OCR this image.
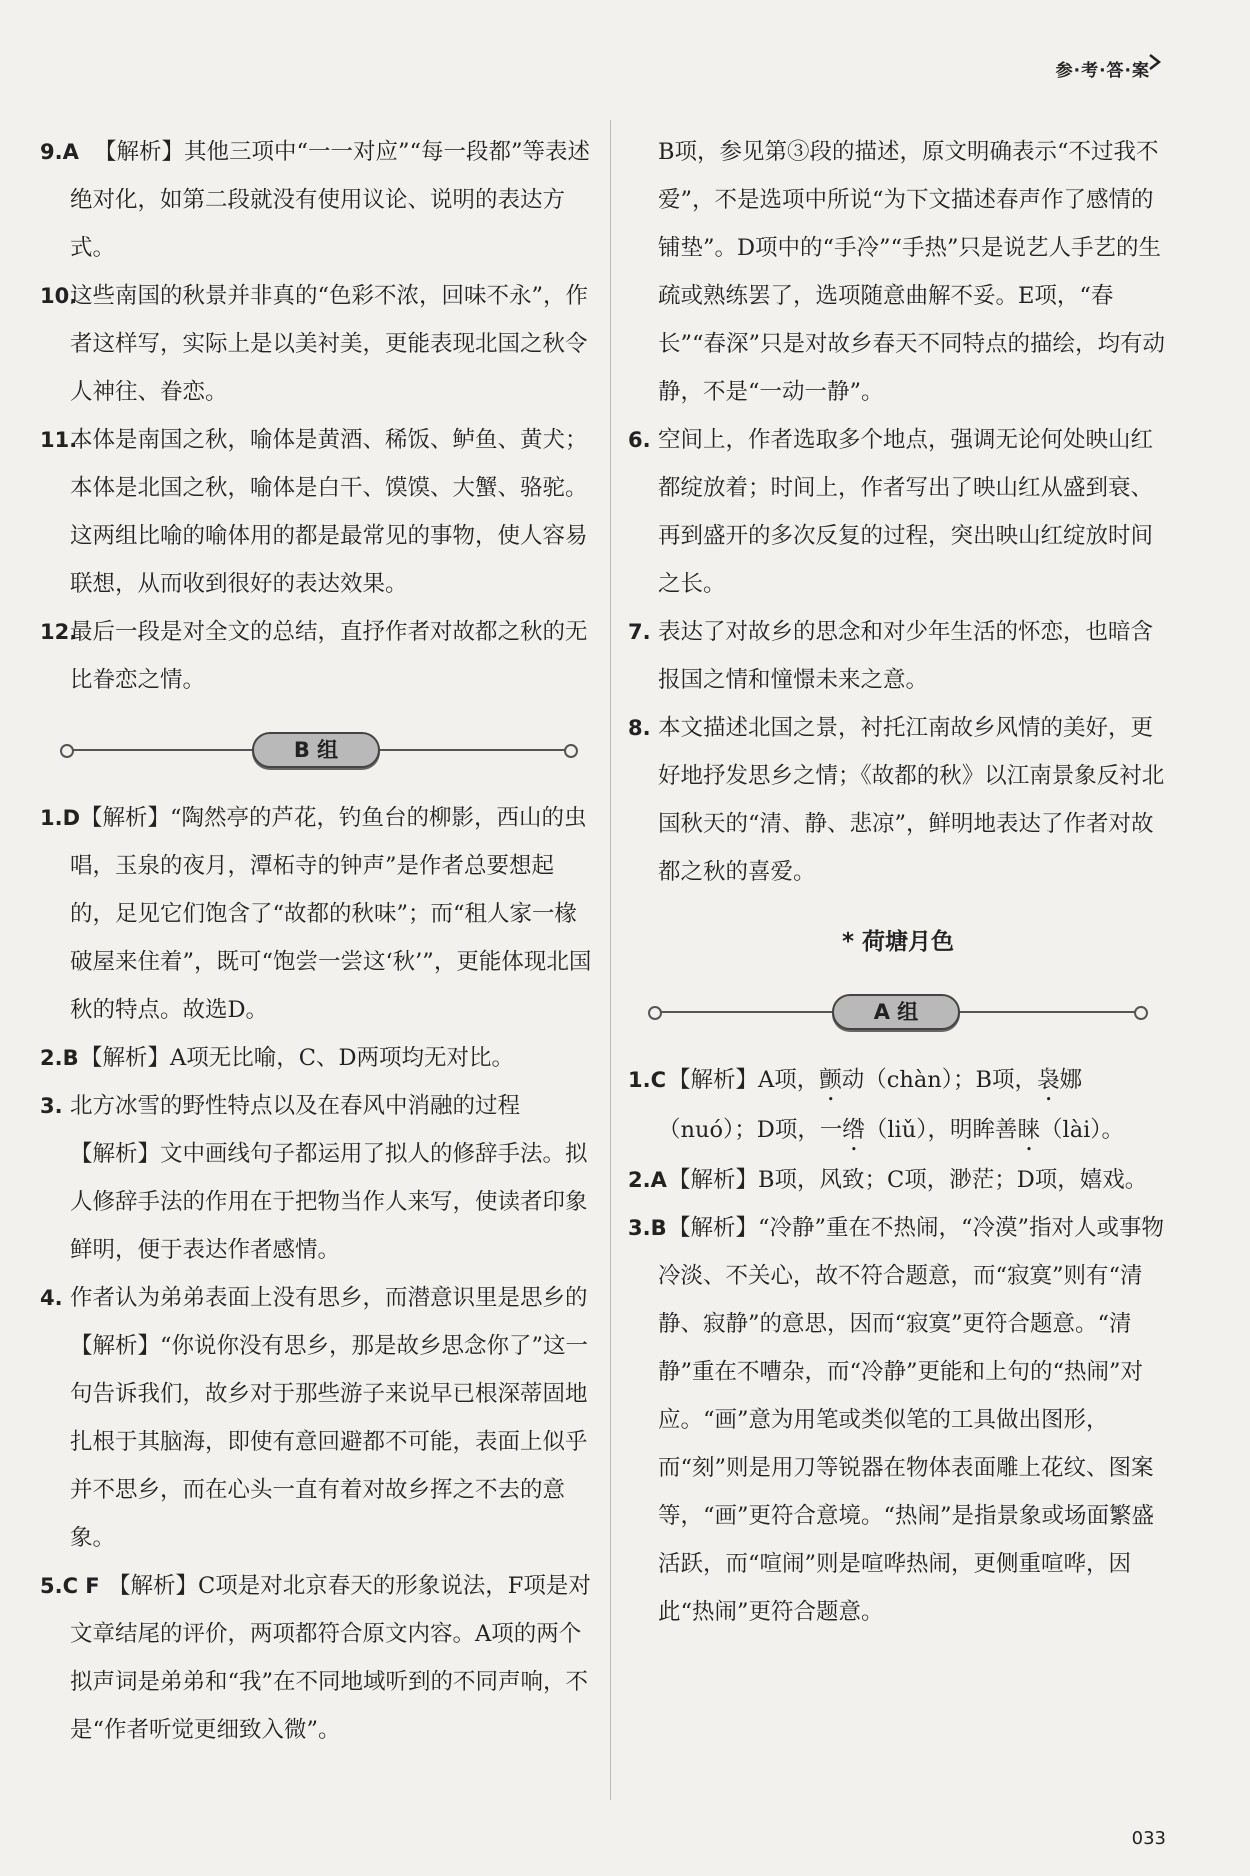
参·考·答·案

9.A 【解析】其他三项中“一一对应”“每一段都”等表述绝对化，如第二段就没有使用议论、说明的表达方式。

10.
这些南国的秋景并非真的“色彩不浓，回味不永”，作者这样写，实际上是以美衬美，更能表现北国之秋令人神往、眷恋。

11.
本体是南国之秋，喻体是黄酒、稀饭、鲈鱼、黄犬；本体是北国之秋，喻体是白干、馍馍、大蟹、骆驼。这两组比喻的喻体用的都是最常见的事物，使人容易联想，从而收到很好的表达效果。

12.
最后一段是对全文的总结，直抒作者对故都之秋的无比眷恋之情。

B 组

1.D 【解析】“陶然亭的芦花，钓鱼台的柳影，西山的虫唱，玉泉的夜月，潭柘寺的钟声”是作者总要想起的，足见它们饱含了“故都的秋味”；而“租人家一椽破屋来住着”，既可“饱尝一尝这‘秋’”，更能体现北国秋的特点。故选D。

2.B 【解析】A项无比喻，C、D两项均无对比。

3. 北方冰雪的野性特点以及在春风中消融的过程
【解析】文中画线句子都运用了拟人的修辞手法。拟人修辞手法的作用在于把物当作人来写，使读者印象鲜明，便于表达作者感情。

4. 作者认为弟弟表面上没有思乡，而潜意识里是思乡的　【解析】“你说你没有思乡，那是故乡思念你了”这一句告诉我们，故乡对于那些游子来说早已根深蒂固地扎根于其脑海，即使有意回避都不可能，表面上似乎并不思乡，而在心头一直有着对故乡挥之不去的意象。

5.C F 【解析】C项是对北京春天的形象说法，F项是对文章结尾的评价，两项都符合原文内容。A项的两个拟声词是弟弟和“我”在不同地域听到的不同声响，不是“作者听觉更细致入微”。

B项，参见第③段的描述，原文明确表示“不过我不爱”，不是选项中所说“为下文描述春声作了感情的铺垫”。D项中的“手冷”“手热”只是说艺人手艺的生疏或熟练罢了，选项随意曲解不妥。E项，“春长”“春深”只是对故乡春天不同特点的描绘，均有动静，不是“一动一静”。

6. 空间上，作者选取多个地点，强调无论何处映山红都绽放着；时间上，作者写出了映山红从盛到衰、再到盛开的多次反复的过程，突出映山红绽放时间之长。

7. 表达了对故乡的思念和对少年生活的怀恋，也暗含报国之情和憧憬未来之意。

8. 本文描述北国之景，衬托江南故乡风情的美好，更好地抒发思乡之情；《故都的秋》以江南景象反衬北国秋天的“清、静、悲凉”，鲜明地表达了作者对故都之秋的喜爱。

* 荷塘月色
A 组

1.C 【解析】A项，颤动（chàn）；B项，袅娜（nuó）；D项，一绺（liǔ），明眸善睐（lài）。

2.A 【解析】B项，风致；C项，渺茫；D项，嬉戏。

3.B 【解析】“冷静”重在不热闹，“冷漠”指对人或事物冷淡、不关心，故不符合题意，而“寂寞”则有“清静、寂静”的意思，因而“寂寞”更符合题意。“清静”重在不嘈杂，而“冷静”更能和上句的“热闹”对应。“画”意为用笔或类似笔的工具做出图形，而“刻”则是用刀等锐器在物体表面雕上花纹、图案等，“画”更符合意境。“热闹”是指景象或场面繁盛活跃，而“喧闹”则是喧哗热闹，更侧重喧哗，因此“热闹”更符合题意。

033
